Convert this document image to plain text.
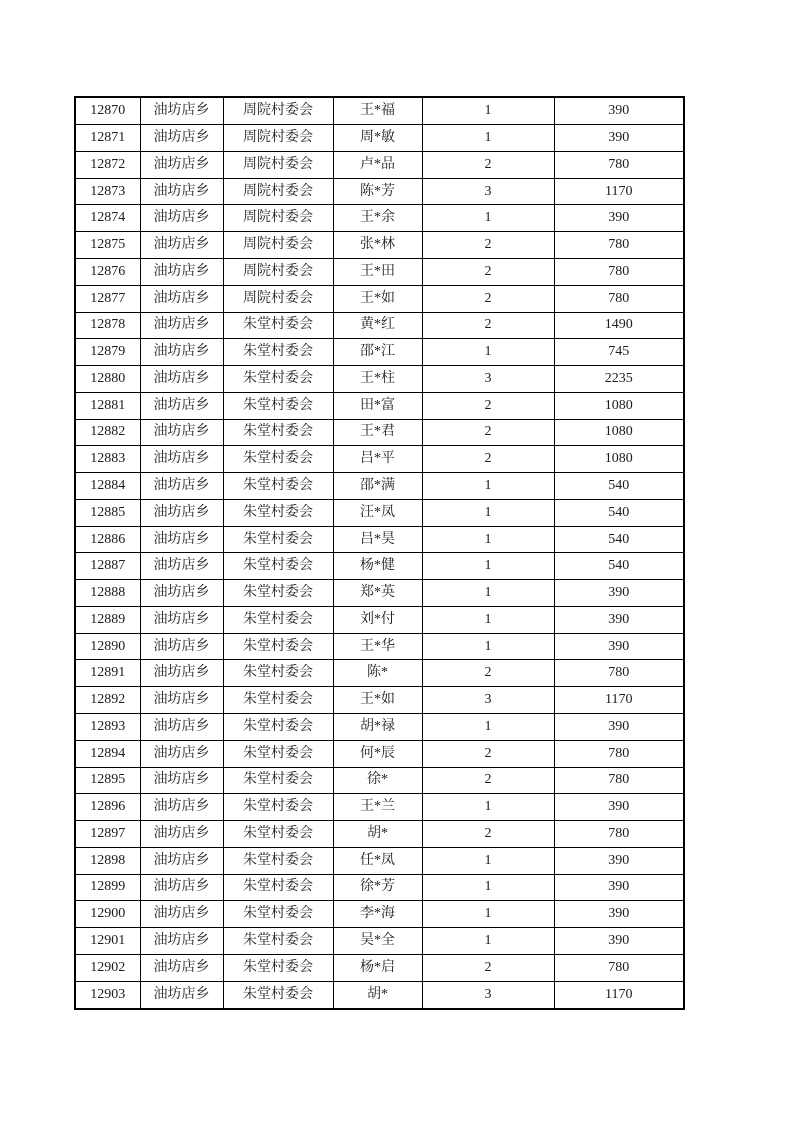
12870	油坊店乡	周院村委会	王*福	1	390
12871	油坊店乡	周院村委会	周*敏	1	390
12872	油坊店乡	周院村委会	卢*品	2	780
12873	油坊店乡	周院村委会	陈*芳	3	1170
12874	油坊店乡	周院村委会	王*余	1	390
12875	油坊店乡	周院村委会	张*林	2	780
12876	油坊店乡	周院村委会	王*田	2	780
12877	油坊店乡	周院村委会	王*如	2	780
12878	油坊店乡	朱堂村委会	黄*红	2	1490
12879	油坊店乡	朱堂村委会	邵*江	1	745
12880	油坊店乡	朱堂村委会	王*柱	3	2235
12881	油坊店乡	朱堂村委会	田*富	2	1080
12882	油坊店乡	朱堂村委会	王*君	2	1080
12883	油坊店乡	朱堂村委会	吕*平	2	1080
12884	油坊店乡	朱堂村委会	邵*满	1	540
12885	油坊店乡	朱堂村委会	汪*凤	1	540
12886	油坊店乡	朱堂村委会	吕*昊	1	540
12887	油坊店乡	朱堂村委会	杨*健	1	540
12888	油坊店乡	朱堂村委会	郑*英	1	390
12889	油坊店乡	朱堂村委会	刘*付	1	390
12890	油坊店乡	朱堂村委会	王*华	1	390
12891	油坊店乡	朱堂村委会	陈*	2	780
12892	油坊店乡	朱堂村委会	王*如	3	1170
12893	油坊店乡	朱堂村委会	胡*禄	1	390
12894	油坊店乡	朱堂村委会	何*辰	2	780
12895	油坊店乡	朱堂村委会	徐*	2	780
12896	油坊店乡	朱堂村委会	王*兰	1	390
12897	油坊店乡	朱堂村委会	胡*	2	780
12898	油坊店乡	朱堂村委会	任*凤	1	390
12899	油坊店乡	朱堂村委会	徐*芳	1	390
12900	油坊店乡	朱堂村委会	李*海	1	390
12901	油坊店乡	朱堂村委会	吴*全	1	390
12902	油坊店乡	朱堂村委会	杨*启	2	780
12903	油坊店乡	朱堂村委会	胡*	3	1170
